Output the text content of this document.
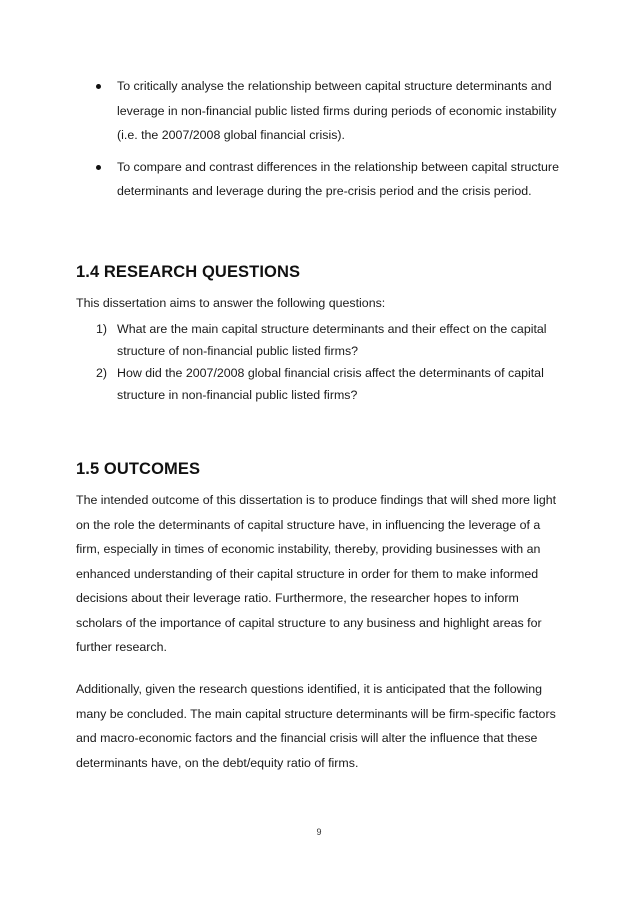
To critically analyse the relationship between capital structure determinants and leverage in non-financial public listed firms during periods of economic instability (i.e. the 2007/2008 global financial crisis).
To compare and contrast differences in the relationship between capital structure determinants and leverage during the pre-crisis period and the crisis period.
1.4 RESEARCH QUESTIONS

This dissertation aims to answer the following questions:

1) What are the main capital structure determinants and their effect on the capital structure of non-financial public listed firms?
2) How did the 2007/2008 global financial crisis affect the determinants of capital structure in non-financial public listed firms?
1.5 OUTCOMES

The intended outcome of this dissertation is to produce findings that will shed more light on the role the determinants of capital structure have, in influencing the leverage of a firm, especially in times of economic instability, thereby, providing businesses with an enhanced understanding of their capital structure in order for them to make informed decisions about their leverage ratio. Furthermore, the researcher hopes to inform scholars of the importance of capital structure to any business and highlight areas for further research.

Additionally, given the research questions identified, it is anticipated that the following many be concluded. The main capital structure determinants will be firm-specific factors and macro-economic factors and the financial crisis will alter the influence that these determinants have, on the debt/equity ratio of firms.

9
